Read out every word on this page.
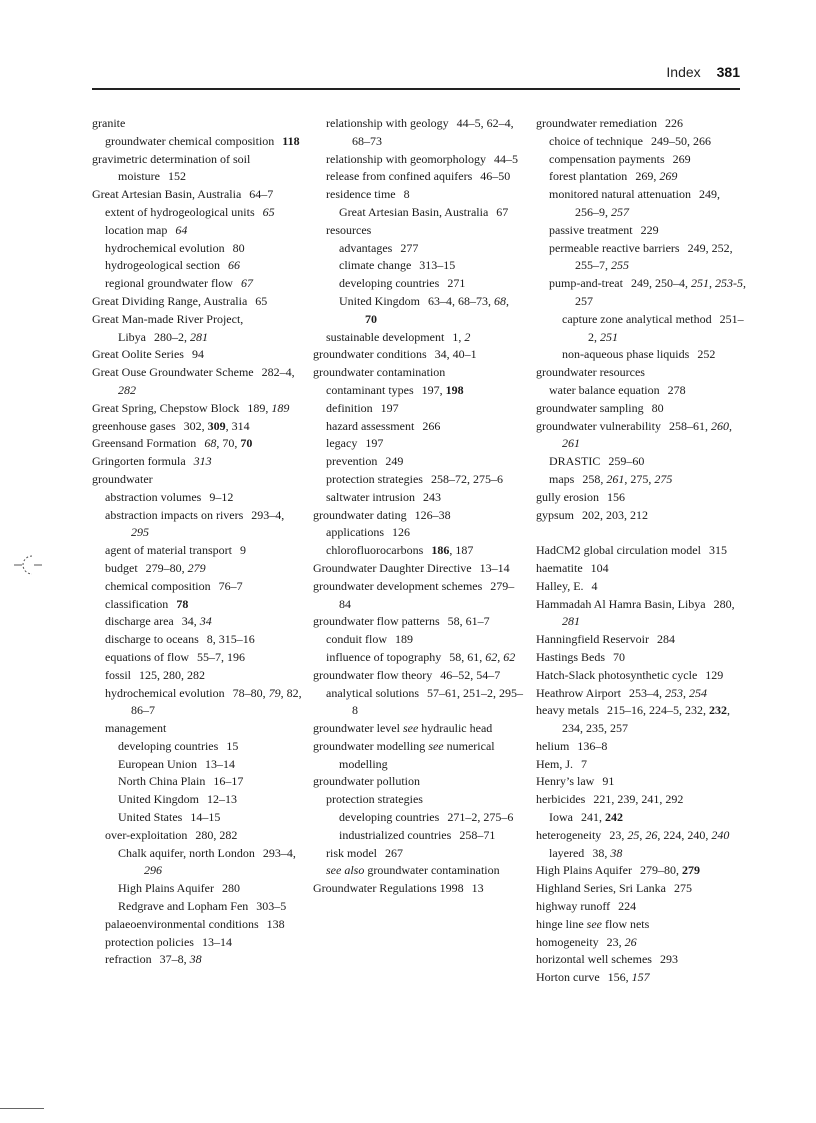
Index 381
granite
groundwater chemical composition 118
gravimetric determination of soil moisture 152
Great Artesian Basin, Australia 64–7
extent of hydrogeological units 65
location map 64
hydrochemical evolution 80
hydrogeological section 66
regional groundwater flow 67
Great Dividing Range, Australia 65
Great Man-made River Project, Libya 280–2, 281
Great Oolite Series 94
Great Ouse Groundwater Scheme 282–4, 282
Great Spring, Chepstow Block 189, 189
greenhouse gases 302, 309, 314
Greensand Formation 68, 70, 70
Gringorten formula 313
groundwater
abstraction volumes 9–12
abstraction impacts on rivers 293–4, 295
agent of material transport 9
budget 279–80, 279
chemical composition 76–7
classification 78
discharge area 34, 34
discharge to oceans 8, 315–16
equations of flow 55–7, 196
fossil 125, 280, 282
hydrochemical evolution 78–80, 79, 82, 86–7
management
developing countries 15
European Union 13–14
North China Plain 16–17
United Kingdom 12–13
United States 14–15
over-exploitation 280, 282
Chalk aquifer, north London 293–4, 296
High Plains Aquifer 280
Redgrave and Lopham Fen 303–5
palaeoenvironmental conditions 138
protection policies 13–14
refraction 37–8, 38
relationship with geology 44–5, 62–4, 68–73
relationship with geomorphology 44–5
release from confined aquifers 46–50
residence time 8
Great Artesian Basin, Australia 67
resources
advantages 277
climate change 313–15
developing countries 271
United Kingdom 63–4, 68–73, 68, 70
sustainable development 1, 2
groundwater conditions 34, 40–1
groundwater contamination
contaminant types 197, 198
definition 197
hazard assessment 266
legacy 197
prevention 249
protection strategies 258–72, 275–6
saltwater intrusion 243
groundwater dating 126–38
applications 126
chlorofluorocarbons 186, 187
Groundwater Daughter Directive 13–14
groundwater development schemes 279–84
groundwater flow patterns 58, 61–7
conduit flow 189
influence of topography 58, 61, 62, 62
groundwater flow theory 46–52, 54–7
analytical solutions 57–61, 251–2, 295–8
groundwater level see hydraulic head
groundwater modelling see numerical modelling
groundwater pollution
protection strategies
developing countries 271–2, 275–6
industrialized countries 258–71
risk model 267
see also groundwater contamination
Groundwater Regulations 1998 13
groundwater remediation 226
choice of technique 249–50, 266
compensation payments 269
forest plantation 269, 269
monitored natural attenuation 249, 256–9, 257
passive treatment 229
permeable reactive barriers 249, 252, 255–7, 255
pump-and-treat 249, 250–4, 251, 253-5, 257
capture zone analytical method 251–2, 251
non-aqueous phase liquids 252
groundwater resources
water balance equation 278
groundwater sampling 80
groundwater vulnerability 258–61, 260, 261
DRASTIC 259–60
maps 258, 261, 275, 275
gully erosion 156
gypsum 202, 203, 212
HadCM2 global circulation model 315
haematite 104
Halley, E. 4
Hammadah Al Hamra Basin, Libya 280, 281
Hanningfield Reservoir 284
Hastings Beds 70
Hatch-Slack photosynthetic cycle 129
Heathrow Airport 253–4, 253, 254
heavy metals 215–16, 224–5, 232, 232, 234, 235, 257
helium 136–8
Hem, J. 7
Henry’s law 91
herbicides 221, 239, 241, 292
Iowa 241, 242
heterogeneity 23, 25, 26, 224, 240, 240
layered 38, 38
High Plains Aquifer 279–80, 279
Highland Series, Sri Lanka 275
highway runoff 224
hinge line see flow nets
homogeneity 23, 26
horizontal well schemes 293
Horton curve 156, 157
